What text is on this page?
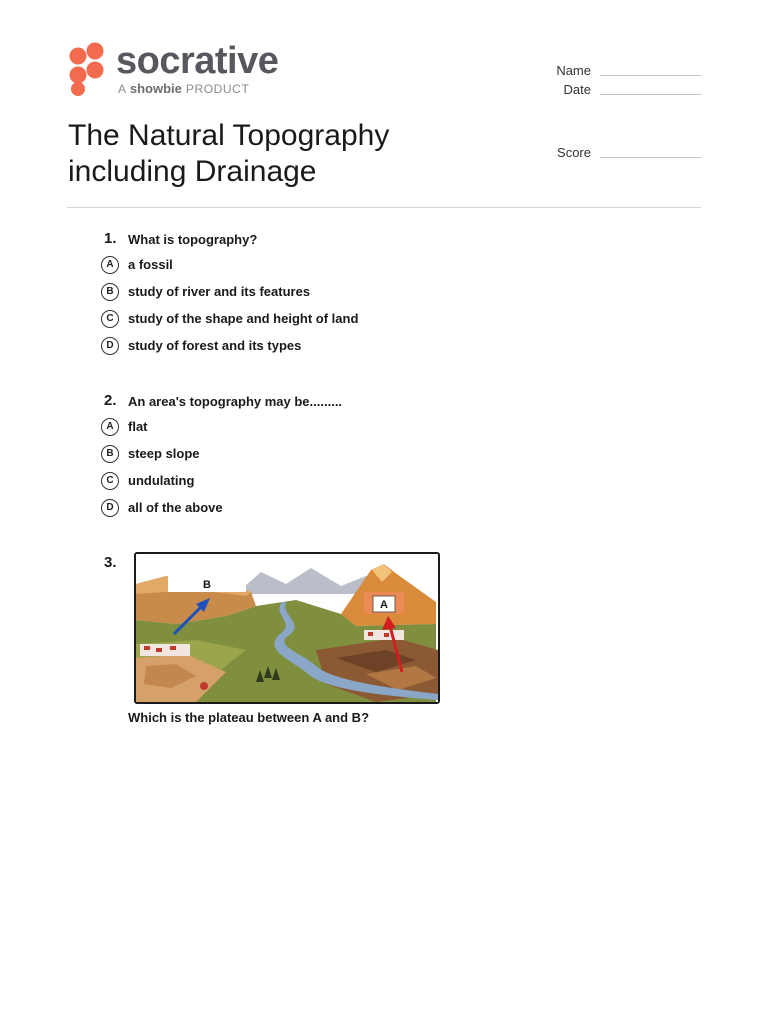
socrative
A showbie PRODUCT
Name
Date
Score
The Natural Topography
including Drainage
1. What is topography?
A	a fossil
B	study of river and its features
C	study of the shape and height of land
D	study of forest and its types
2. An area's topography may be.........
A	flat
B	steep slope
C	undulating
D	all of the above
3.
B
A
Which is the plateau between A and B?
